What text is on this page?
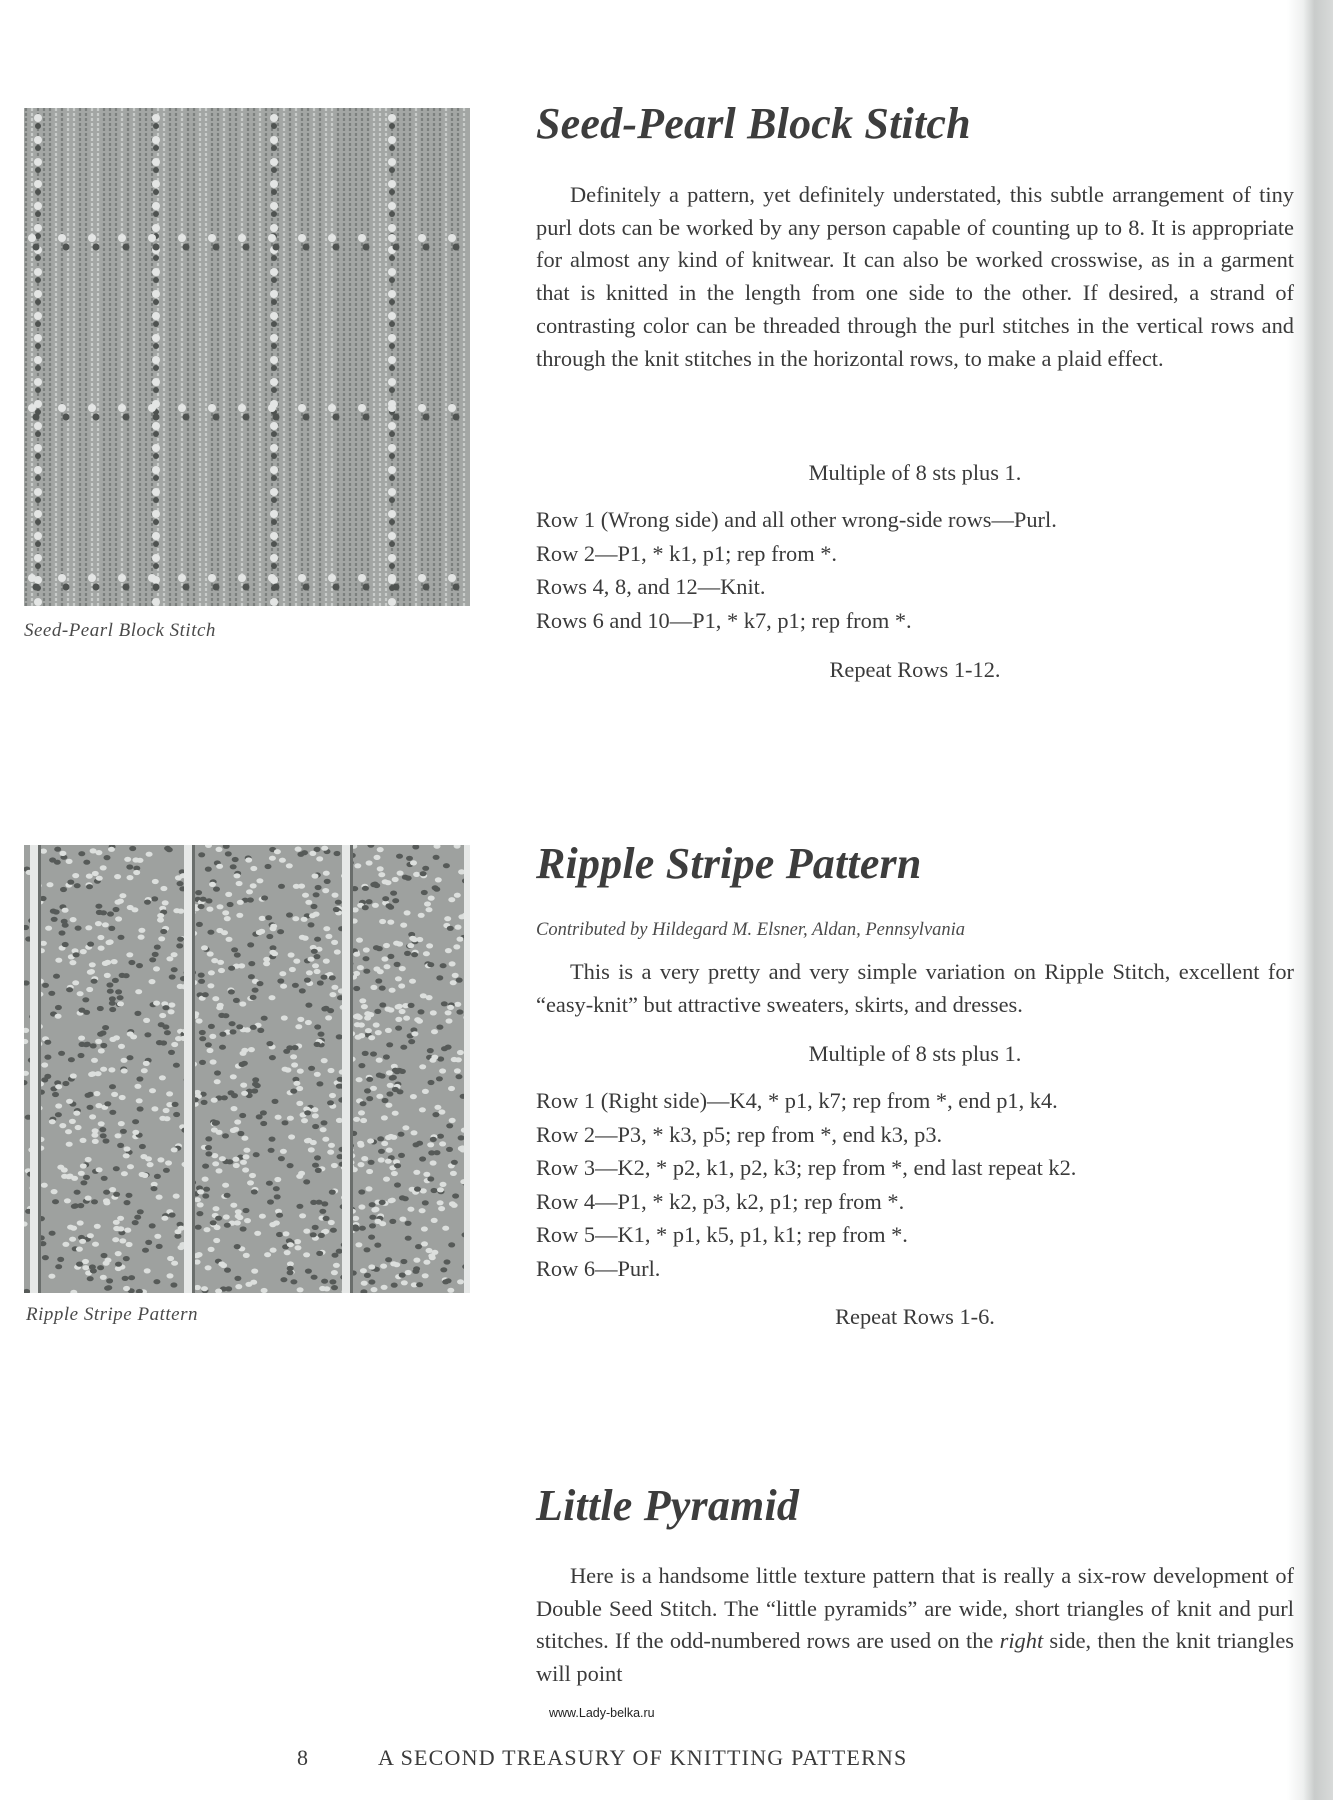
Seed-Pearl Block Stitch
Seed-Pearl Block Stitch

Definitely a pattern, yet definitely understated, this subtle arrangement of tiny purl dots can be worked by any person capable of counting up to 8. It is appropriate for almost any kind of knitwear. It can also be worked crosswise, as in a garment that is knitted in the length from one side to the other. If desired, a strand of contrasting color can be threaded through the purl stitches in the vertical rows and through the knit stitches in the horizontal rows, to make a plaid effect.

Multiple of 8 sts plus 1.
Row 1 (Wrong side) and all other wrong-side rows—Purl.
Row 2—P1, * k1, p1; rep from *.
Rows 4, 8, and 12—Knit.
Rows 6 and 10—P1, * k7, p1; rep from *.
Repeat Rows 1-12.
Ripple Stripe Pattern
Ripple Stripe Pattern
Contributed by Hildegard M. Elsner, Aldan, Pennsylvania

This is a very pretty and very simple variation on Ripple Stitch, excellent for “easy-knit” but attractive sweaters, skirts, and dresses.

Multiple of 8 sts plus 1.
Row 1 (Right side)—K4, * p1, k7; rep from *, end p1, k4.
Row 2—P3, * k3, p5; rep from *, end k3, p3.
Row 3—K2, * p2, k1, p2, k3; rep from *, end last repeat k2.
Row 4—P1, * k2, p3, k2, p1; rep from *.
Row 5—K1, * p1, k5, p1, k1; rep from *.
Row 6—Purl.
Repeat Rows 1-6.
Little Pyramid

Here is a handsome little texture pattern that is really a six-row development of Double Seed Stitch. The “little pyramids” are wide, short triangles of knit and purl stitches. If the odd-numbered rows are used on the right side, then the knit triangles will point

www.Lady-belka.ru
8	A SECOND TREASURY OF KNITTING PATTERNS
